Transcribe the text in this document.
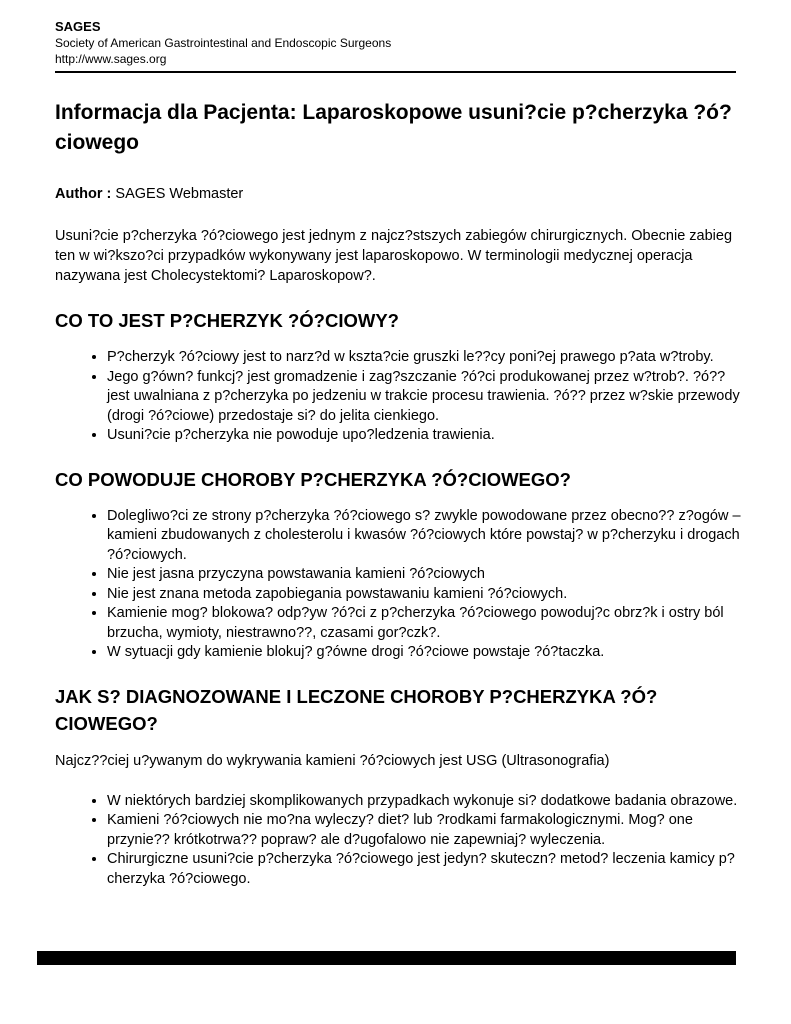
SAGES

Society of American Gastrointestinal and Endoscopic Surgeons

http://www.sages.org

Informacja dla Pacjenta: Laparoskopowe usuni?cie p?cherzyka ?ó?ciowego

Author : SAGES Webmaster

Usuni?cie p?cherzyka ?ó?ciowego jest jednym z najcz?stszych zabiegów chirurgicznych. Obecnie zabieg ten w wi?kszo?ci przypadków wykonywany jest laparoskopowo. W terminologii medycznej operacja nazywana jest Cholecystektomi? Laparoskopow?.

CO TO JEST P?CHERZYK ?Ó?CIOWY?
• P?cherzyk ?ó?ciowy jest to narz?d w kszta?cie gruszki le??cy poni?ej prawego p?ata w?troby.
• Jego g?ówn? funkcj? jest gromadzenie i zag?szczanie ?ó?ci produkowanej przez w?trob?. ?ó?? jest uwalniana z p?cherzyka po jedzeniu w trakcie procesu trawienia. ?ó?? przez w?skie przewody (drogi ?ó?ciowe) przedostaje si? do jelita cienkiego.
• Usuni?cie p?cherzyka nie powoduje upo?ledzenia trawienia.
CO POWODUJE CHOROBY P?CHERZYKA ?Ó?CIOWEGO?
• Dolegliwo?ci ze strony p?cherzyka ?ó?ciowego s? zwykle powodowane przez obecno?? z?ogów – kamieni zbudowanych z cholesterolu i kwasów ?ó?ciowych które powstaj? w p?cherzyku i drogach ?ó?ciowych.
• Nie jest jasna przyczyna powstawania kamieni ?ó?ciowych
• Nie jest znana metoda zapobiegania powstawaniu kamieni ?ó?ciowych.
• Kamienie mog? blokowa? odp?yw ?ó?ci z p?cherzyka ?ó?ciowego powoduj?c obrz?k i ostry ból brzucha, wymioty, niestrawno??, czasami gor?czk?.
• W sytuacji gdy kamienie blokuj? g?ówne drogi ?ó?ciowe powstaje ?ó?taczka.
JAK S? DIAGNOZOWANE I LECZONE CHOROBY P?CHERZYKA ?Ó?CIOWEGO?

Najcz??ciej u?ywanym do wykrywania kamieni ?ó?ciowych jest USG (Ultrasonografia)

• W niektórych bardziej skomplikowanych przypadkach wykonuje si? dodatkowe badania obrazowe.
• Kamieni ?ó?ciowych nie mo?na wyleczy? diet? lub ?rodkami farmakologicznymi. Mog? one przynie?? krótkotrwa?? popraw? ale d?ugofalowo nie zapewniaj? wyleczenia.
• Chirurgiczne usuni?cie p?cherzyka ?ó?ciowego jest jedyn? skuteczn? metod? leczenia kamicy p?cherzyka ?ó?ciowego.
